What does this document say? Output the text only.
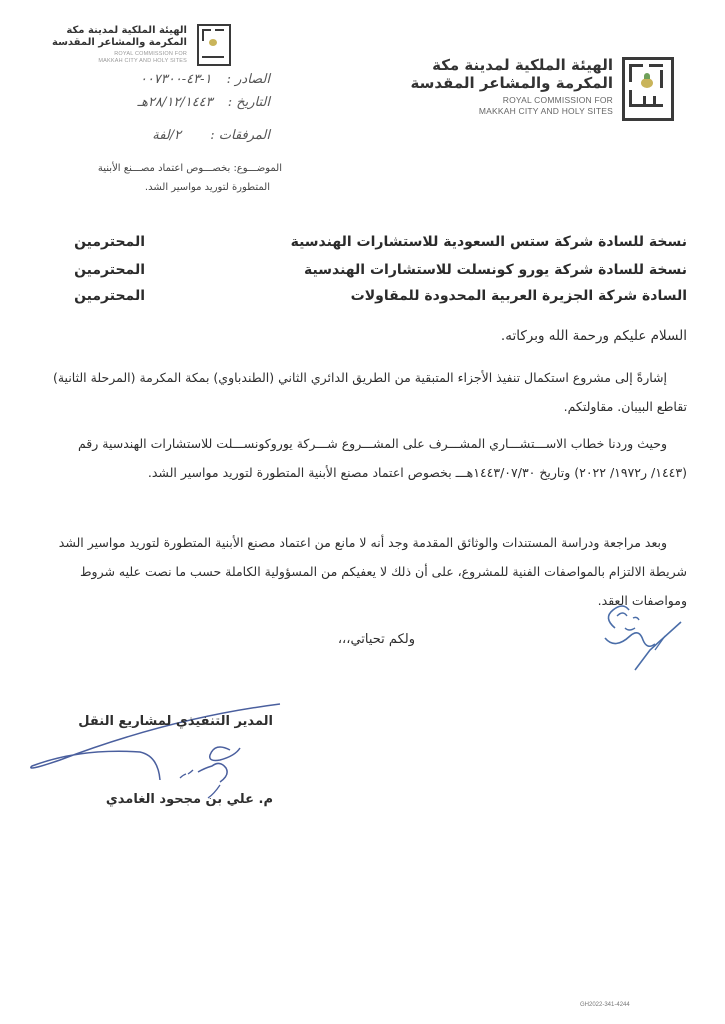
الهيئة الملكية لمدينة مكة
المكرمة والمشاعر المقدسة
ROYAL COMMISSION FOR
MAKKAH CITY AND HOLY SITES
الهيئة الملكية لمدينة مكة
المكرمة والمشاعر المقدسة
ROYAL COMMISSION FOR
MAKKAH CITY AND HOLY SITES
الصادر : ١-٤٣-٠٠٧٣٠٠
التاريخ : ٢٨/١٢/١٤٤٣هـ
المرفقات : ٢/لفة
الموضـــوع: بخصـــوص اعتماد مصـــنع الأبنية
المتطورة لتوريد مواسير الشد.
نسخة للسادة شركة ستس السعودية للاستشارات الهندسية
المحترمين
نسخة للسادة شركة يورو كونسلت للاستشارات الهندسية
المحترمين
السادة شركة الجزيرة العربية المحدودة للمقاولات
المحترمين
السلام عليكم ورحمة الله وبركاته.
إشارةً إلى مشروع استكمال تنفيذ الأجزاء المتبقية من الطريق الدائري الثاني (الطندباوي) بمكة المكرمة (المرحلة الثانية) تقاطع البيبان. مقاولتكم.
وحيث وردنا خطاب الاســـتشـــاري المشـــرف على المشـــروع شـــركة يوروكونســـلت للاستشارات الهندسية رقم (١٤٤٣/ ر١٩٧٢/ ٢٠٢٢) وتاريخ ١٤٤٣/٠٧/٣٠هـــ بخصوص اعتماد مصنع الأبنية المتطورة لتوريد مواسير الشد.
وبعد مراجعة ودراسة المستندات والوثائق المقدمة وجد أنه لا مانع من اعتماد مصنع الأبنية المتطورة لتوريد مواسير الشد شريطة الالتزام بالمواصفات الفنية للمشروع، على أن ذلك لا يعفيكم من المسؤولية الكاملة حسب ما نصت عليه شروط ومواصفات العقد.
ولكم تحياتي،،،
المدير التنفيذي لمشاريع النقل
م. علي بن مجحود الغامدي
GH2022-341-4244
